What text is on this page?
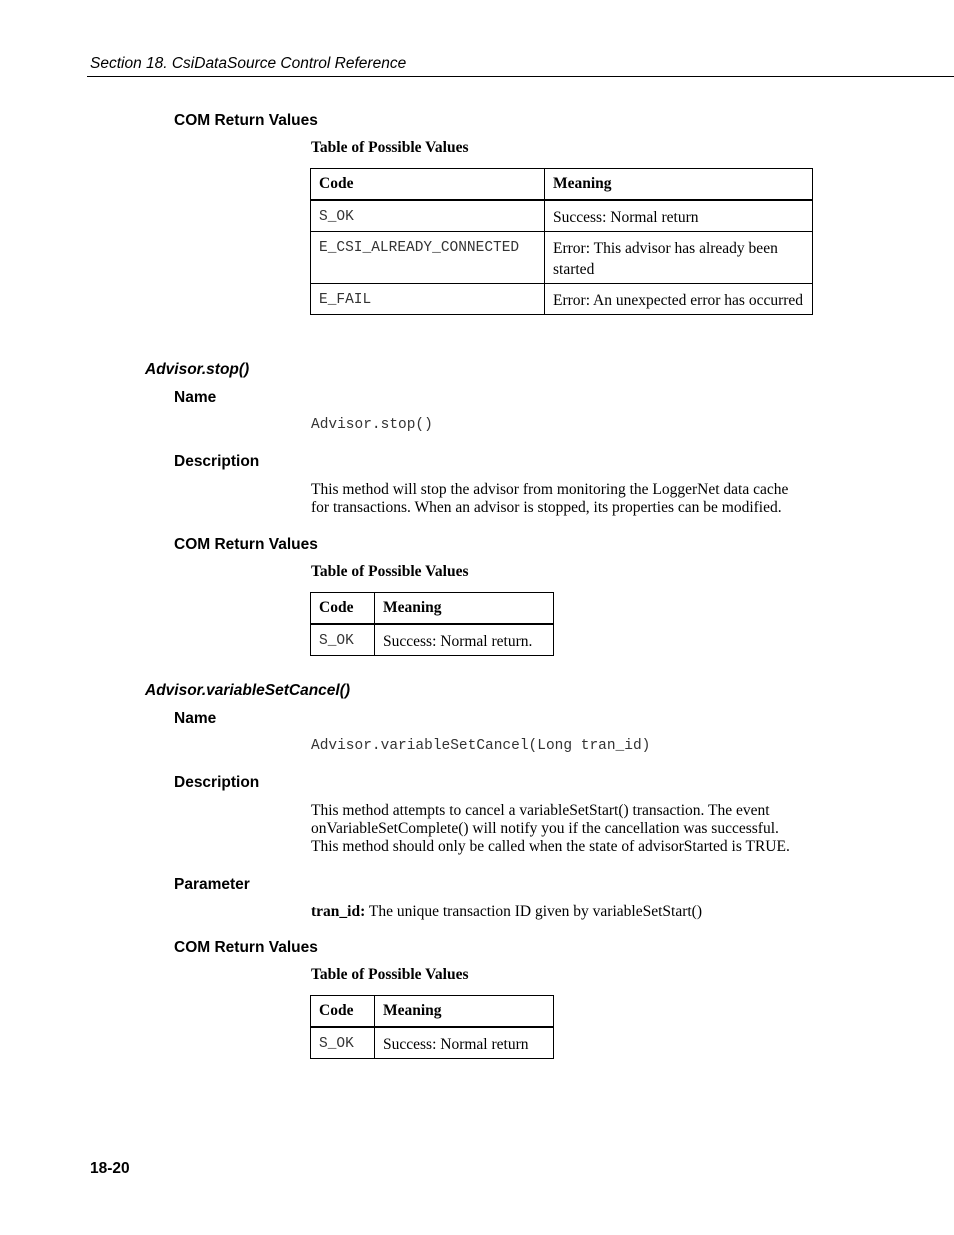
Section 18. CsiDataSource Control Reference
COM Return Values
Table of Possible Values
Code	Meaning
S_OK	Success: Normal return
E_CSI_ALREADY_CONNECTED	Error: This advisor has already been started
E_FAIL	Error: An unexpected error has occurred
Advisor.stop()
Name
Advisor.stop()
Description
This method will stop the advisor from monitoring the LoggerNet data cache
for transactions. When an advisor is stopped, its properties can be modified.
COM Return Values
Table of Possible Values
Code	Meaning
S_OK	Success: Normal return.
Advisor.variableSetCancel()
Name
Advisor.variableSetCancel(Long tran_id)
Description
This method attempts to cancel a variableSetStart() transaction. The event
onVariableSetComplete() will notify you if the cancellation was successful.
This method should only be called when the state of advisorStarted is TRUE.
Parameter
tran_id: The unique transaction ID given by variableSetStart()
COM Return Values
Table of Possible Values
Code	Meaning
S_OK	Success: Normal return
18-20
